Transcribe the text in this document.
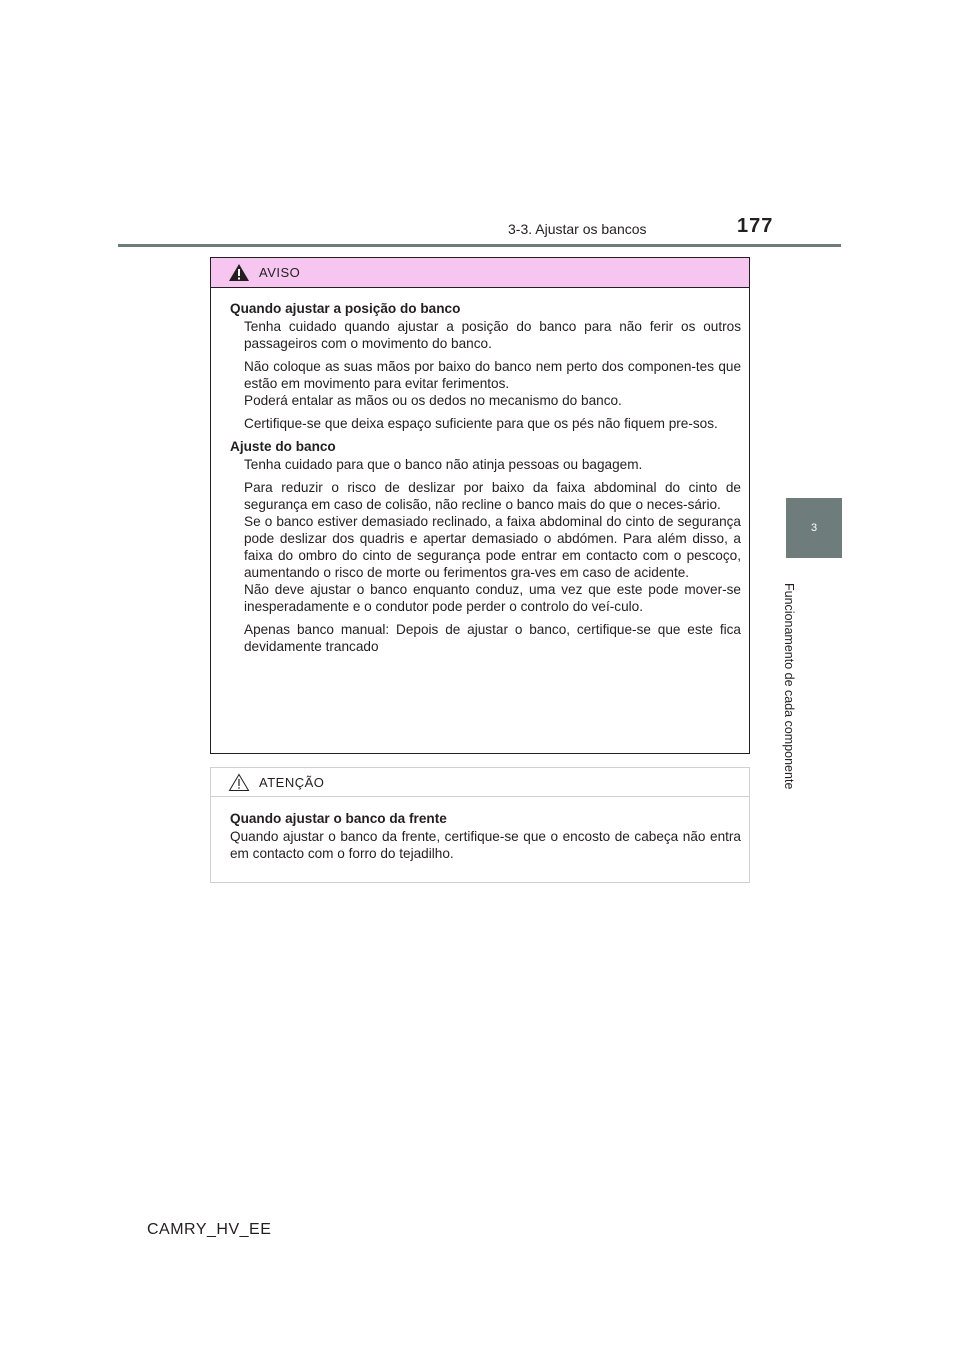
3-3. Ajustar os bancos	177
3
Funcionamento de cada componente
AVISO
Quando ajustar a posição do banco
Tenha cuidado quando ajustar a posição do banco para não ferir os outros passageiros com o movimento do banco.
Não coloque as suas mãos por baixo do banco nem perto dos componen-tes que estão em movimento para evitar ferimentos.
Poderá entalar as mãos ou os dedos no mecanismo do banco.
Certifique-se que deixa espaço suficiente para que os pés não fiquem pre-sos.
Ajuste do banco
Tenha cuidado para que o banco não atinja pessoas ou bagagem.
Para reduzir o risco de deslizar por baixo da faixa abdominal do cinto de segurança em caso de colisão, não recline o banco mais do que o neces-sário.
Se o banco estiver demasiado reclinado, a faixa abdominal do cinto de segurança pode deslizar dos quadris e apertar demasiado o abdómen. Para além disso, a faixa do ombro do cinto de segurança pode entrar em contacto com o pescoço, aumentando o risco de morte ou ferimentos gra-ves em caso de acidente.
Não deve ajustar o banco enquanto conduz, uma vez que este pode mover-se inesperadamente e o condutor pode perder o controlo do veí-culo.
Apenas banco manual: Depois de ajustar o banco, certifique-se que este fica devidamente trancado
ATENÇÃO
Quando ajustar o banco da frente
Quando ajustar o banco da frente, certifique-se que o encosto de cabeça não entra em contacto com o forro do tejadilho.
CAMRY_HV_EE
